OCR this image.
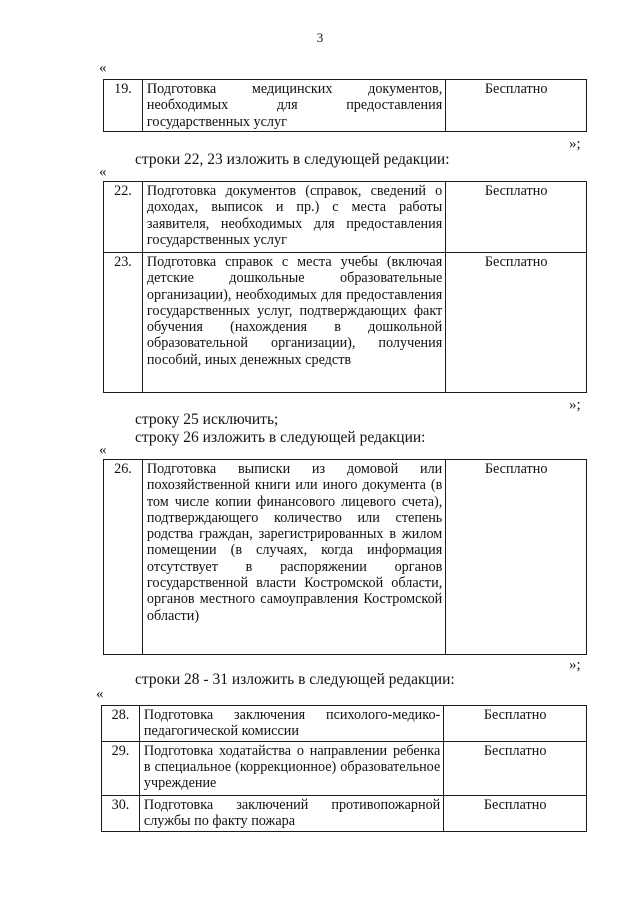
3
«
19.	Подготовка медицинских документов, необходимых для предоставления государственных услуг	Бесплатно
»;
строки 22, 23 изложить в следующей редакции:
«
22.	Подготовка документов (справок, сведений о доходах, выписок и пр.) с места работы заявителя, необходимых для предоставления государственных услуг	Бесплатно
23.	Подготовка справок с места учебы (включая детские дошкольные образовательные организации), необходимых для предоставления государственных услуг, подтверждающих факт обучения (нахождения в дошкольной образовательной организации), получения пособий, иных денежных средств	Бесплатно
»;
строку 25 исключить;
строку 26 изложить в следующей редакции:
«
26.	Подготовка выписки из домовой или похозяйственной книги или иного документа (в том числе копии финансового лицевого счета), подтверждающего количество или степень родства граждан, зарегистрированных в жилом помещении (в случаях, когда информация отсутствует в распоряжении органов государственной власти Костромской области, органов местного самоуправления Костромской области)	Бесплатно
»;
строки 28 - 31 изложить в следующей редакции:
«
28.	Подготовка заключения психолого-медико-педагогической комиссии	Бесплатно
29.	Подготовка ходатайства о направлении ребенка в специальное (коррекционное) образовательное учреждение	Бесплатно
30.	Подготовка заключений противопожарной службы по факту пожара	Бесплатно
